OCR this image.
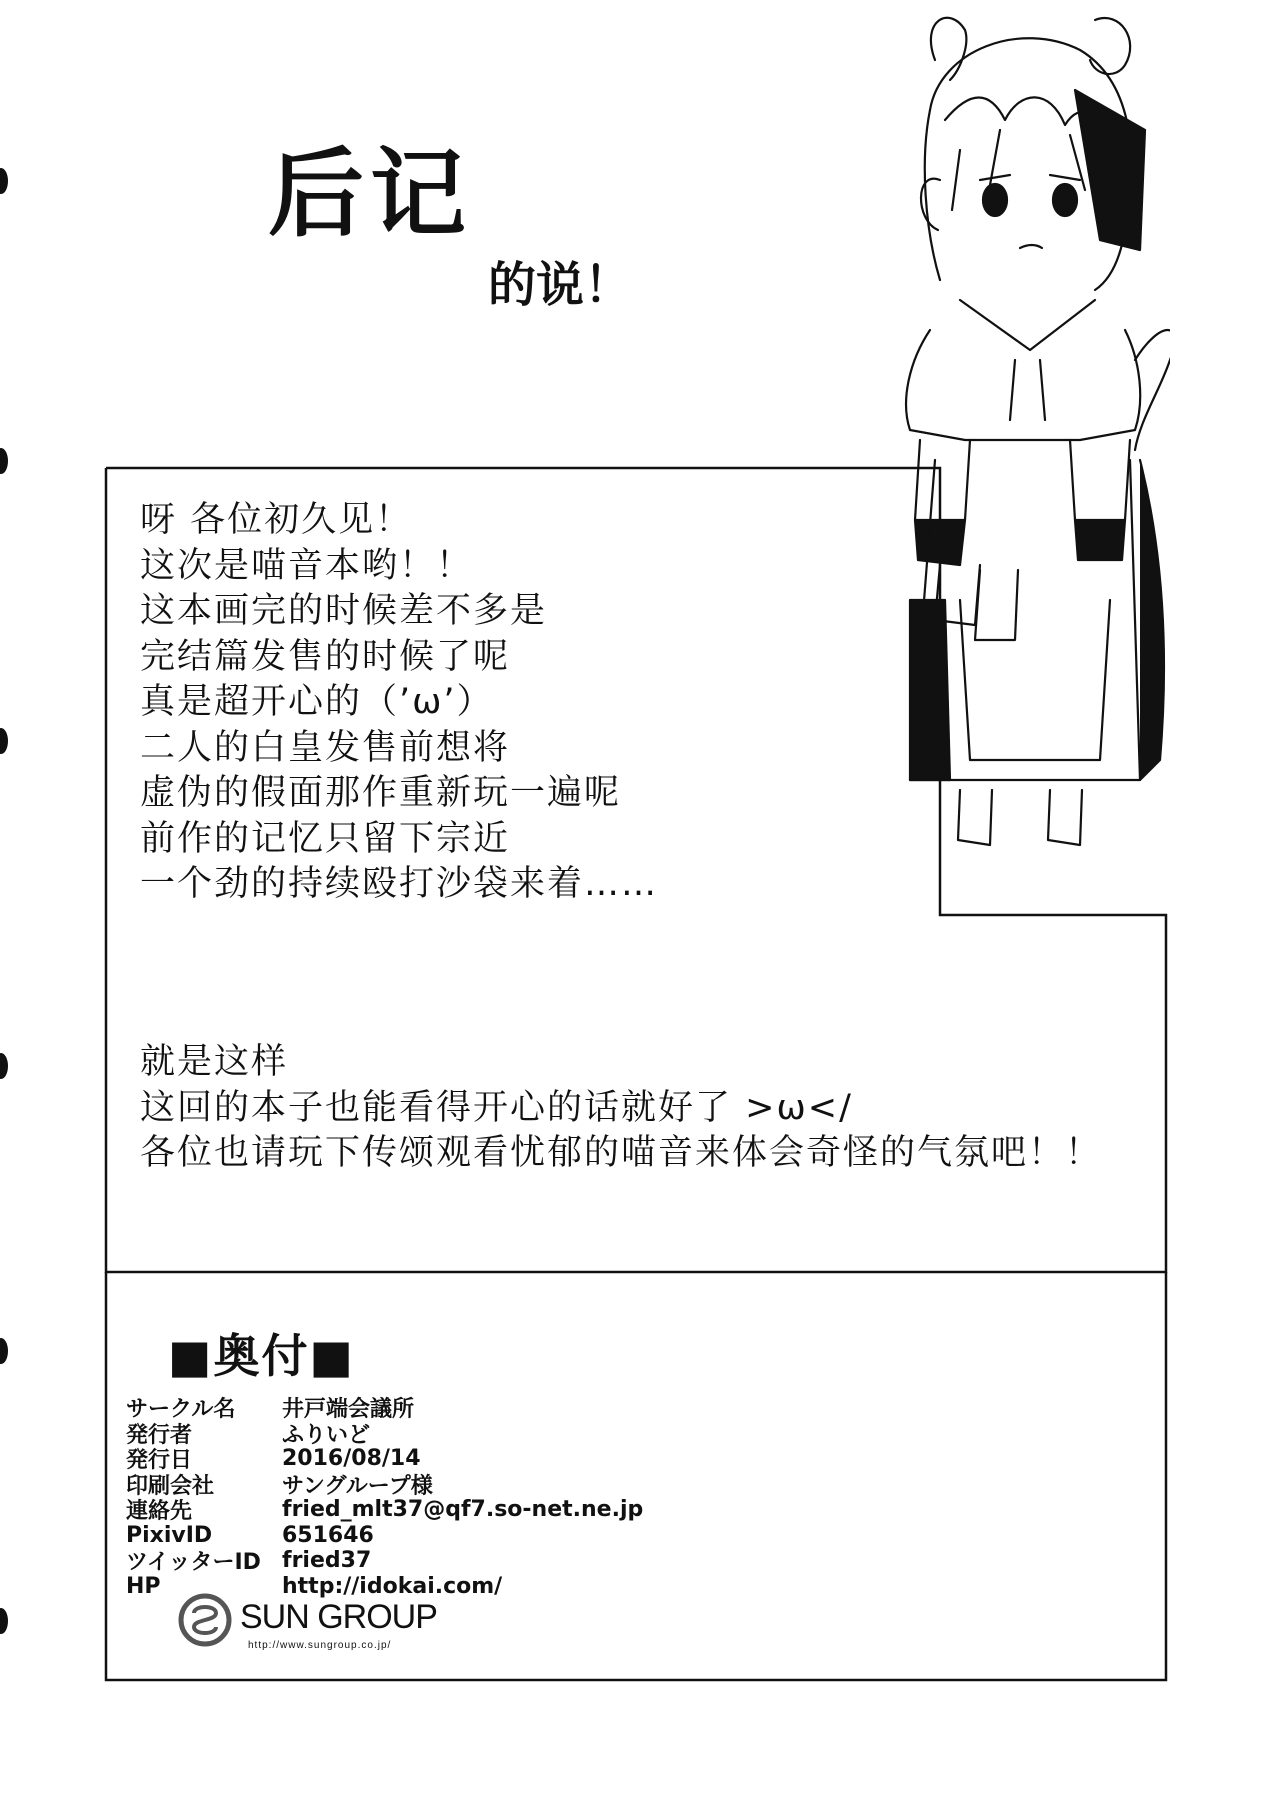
后记
的说！
呀 各位初久见！
这次是喵音本哟！！
这本画完的时候差不多是
完结篇发售的时候了呢
真是超开心的（’ω’）
二人的白皇发售前想将
虚伪的假面那作重新玩一遍呢
前作的记忆只留下宗近
一个劲的持续殴打沙袋来着……
就是这样
这回的本子也能看得开心的话就好了 >ω</
各位也请玩下传颂观看忧郁的喵音来体会奇怪的气氛吧！！
■奥付■
サークル名	井戸端会議所
発行者	ふりいど
発行日	2016/08/14
印刷会社	サングループ様
連絡先	fried_mlt37@qf7.so-net.ne.jp
PixivID	651646
ツイッターID fried37
HP	http://idokai.com/
SUN GROUP
http://www.sungroup.co.jp/
